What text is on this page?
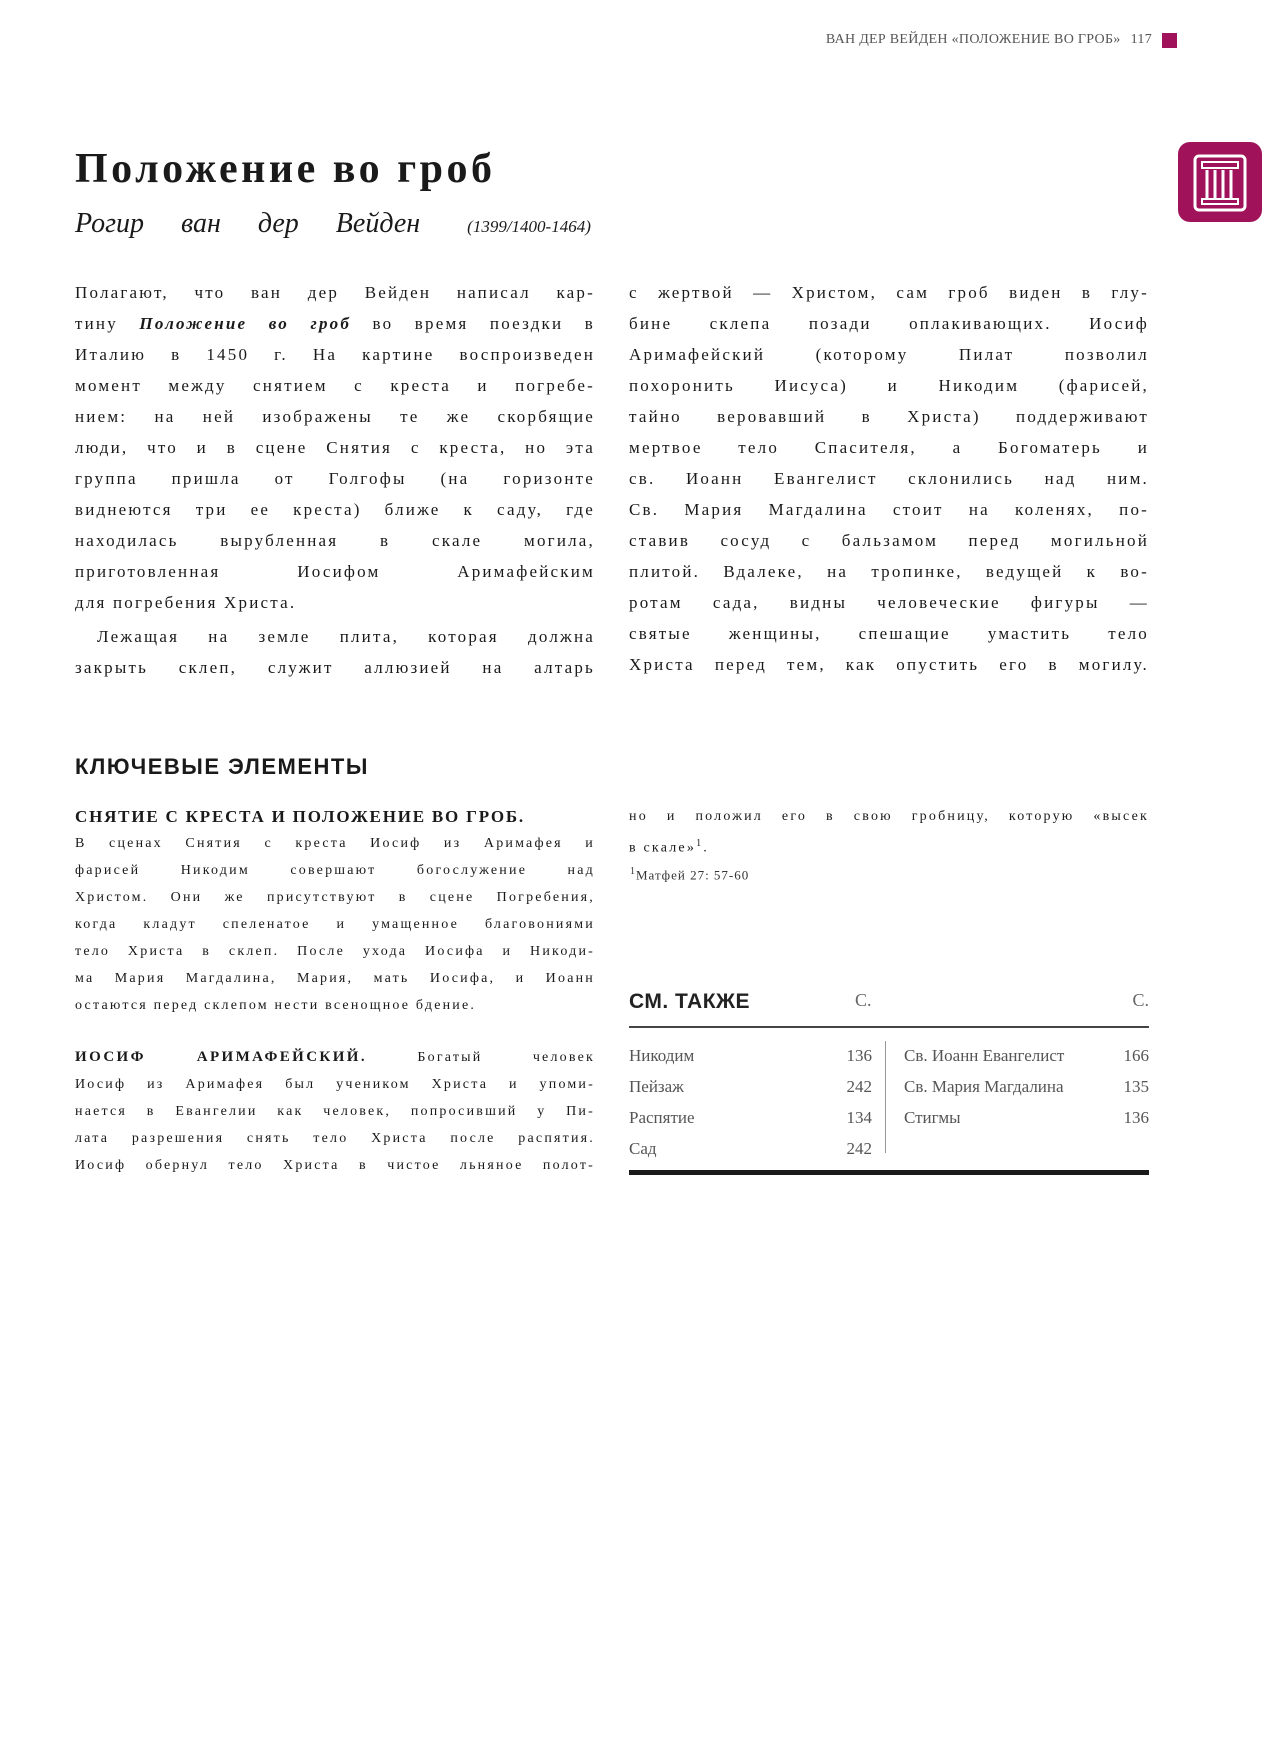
ВАН ДЕР ВЕЙДЕН «ПОЛОЖЕНИЕ ВО ГРОБ» 117
Положение во гроб
Рогир ван дер Вейден	(1399/1400-1464)
Полагают, что ван дер Вейден написал кар-
тину Положение во гроб во время поездки в
Италию в 1450 г. На картине воспроизведен
момент между снятием с креста и погребе-
нием: на ней изображены те же скорбящие
люди, что и в сцене Снятия с креста, но эта
группа пришла от Голгофы (на горизонте
виднеются три ее креста) ближе к саду, где
находилась вырубленная в скале могила,
приготовленная Иосифом Аримафейским
для погребения Христа.
Лежащая на земле плита, которая должна
закрыть склеп, служит аллюзией на алтарь
с жертвой — Христом, сам гроб виден в глу-
бине склепа позади оплакивающих. Иосиф
Аримафейский (которому Пилат позволил
похоронить Иисуса) и Никодим (фарисей,
тайно веровавший в Христа) поддерживают
мертвое тело Спасителя, а Богоматерь и
св. Иоанн Евангелист склонились над ним.
Св. Мария Магдалина стоит на коленях, по-
ставив сосуд с бальзамом перед могильной
плитой. Вдалеке, на тропинке, ведущей к во-
ротам сада, видны человеческие фигуры —
святые женщины, спешащие умастить тело
Христа перед тем, как опустить его в могилу.
КЛЮЧЕВЫЕ ЭЛЕМЕНТЫ
СНЯТИЕ С КРЕСТА И ПОЛОЖЕНИЕ ВО ГРОБ.
В сценах Снятия с креста Иосиф из Аримафея и
фарисей Никодим совершают богослужение над
Христом. Они же присутствуют в сцене Погребения,
когда кладут спеленатое и умащенное благовониями
тело Христа в склеп. После ухода Иосифа и Никоди-
ма Мария Магдалина, Мария, мать Иосифа, и Иоанн
остаются перед склепом нести всенощное бдение.
ИОСИФ АРИМАФЕЙСКИЙ. Богатый человек
Иосиф из Аримафея был учеником Христа и упоми-
нается в Евангелии как человек, попросивший у Пи-
лата разрешения снять тело Христа после распятия.
Иосиф обернул тело Христа в чистое льняное полот-
но и положил его в свою гробницу, которую «высек
в скале»$^1$.
$^1$Матфей 27: 57-60
СМ. ТАКЖЕ	С.	С.
Никодим	136
Пейзаж	242
Распятие	134
Сад	242
Св. Иоанн Евангелист	166
Св. Мария Магдалина	135
Стигмы	136
